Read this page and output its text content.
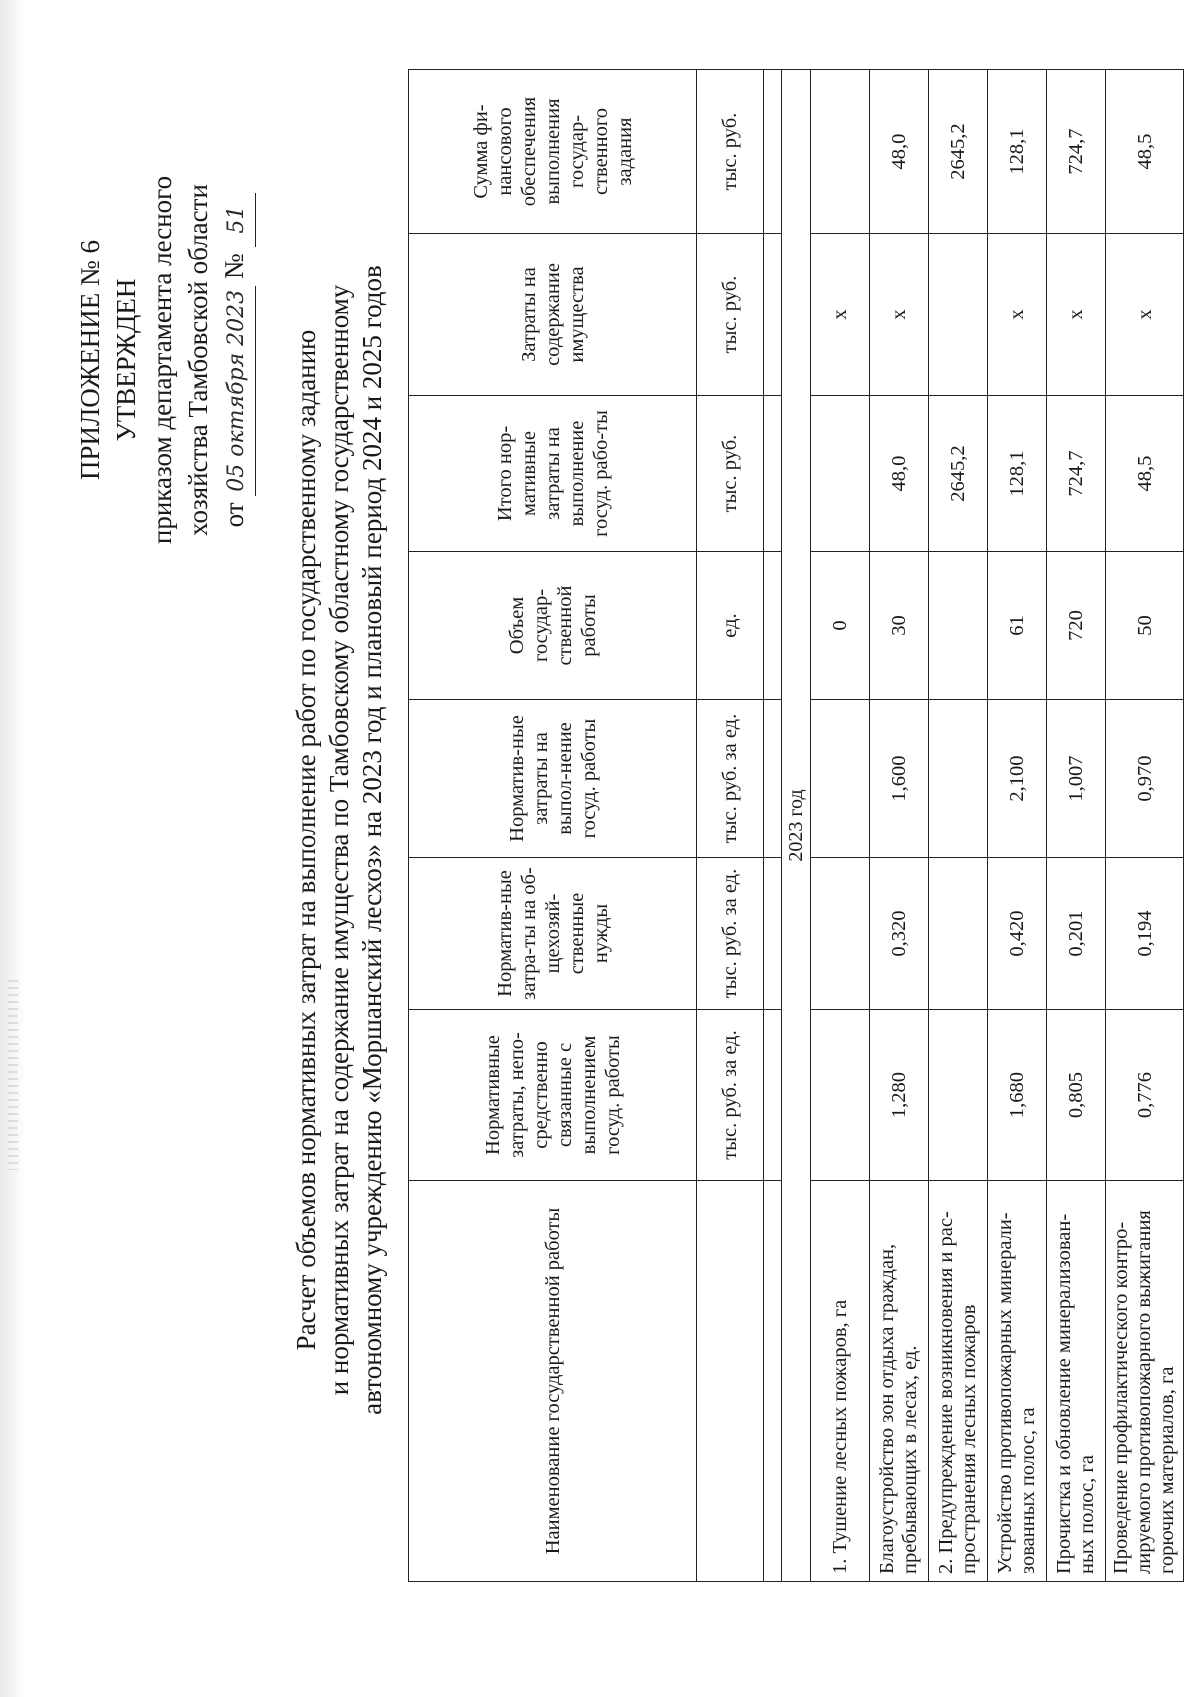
ПРИЛОЖЕНИЕ № 6 УТВЕРЖДЕН приказом департамента лесного хозяйства Тамбовской области от 05 октября 2023 № 51
Расчет объемов нормативных затрат на выполнение работ по государственному заданию и нормативных затрат на содержание имущества по Тамбовскому областному государственному автономному учреждению «Моршанский лесхоз» на 2023 год и плановый период 2024 и 2025 годов	Наименование государственной работы	Нормативные затраты, непо-средственно связанные с выполнением госуд. работы	Норматив-ные затра-ты на об-щехозяй-ственные нужды	Норматив-ные затраты на выпол-нение госуд. работы	Объем государ-ственной работы	Итого нор-мативные затраты на выполнение госуд. рабо-ты	Затраты на содержание имущества	Сумма фи-нансового обеспечения выполнения государ-ственного задания
	тыс. руб. за ед.	тыс. руб. за ед.	тыс. руб. за ед.	ед.	тыс. руб.	тыс. руб.	тыс. руб.

2023 год							
1. Тушение лесных пожаров, га				0		х	
Благоустройство зон отдыха граждан, пребывающих в лесах, ед.	1,280	0,320	1,600	30	48,0	х	48,0
2. Предупреждение возникновения и рас-пространения лесных пожаров					2645,2		2645,2
Устройство противопожарных минерали-зованных полос, га	1,680	0,420	2,100	61	128,1	х	128,1
Прочистка и обновление минерализован-ных полос, га	0,805	0,201	1,007	720	724,7	х	724,7
Проведение профилактического контро-лируемого противопожарного выжигания горючих материалов, га	0,776	0,194	0,970	50	48,5	х	48,5
